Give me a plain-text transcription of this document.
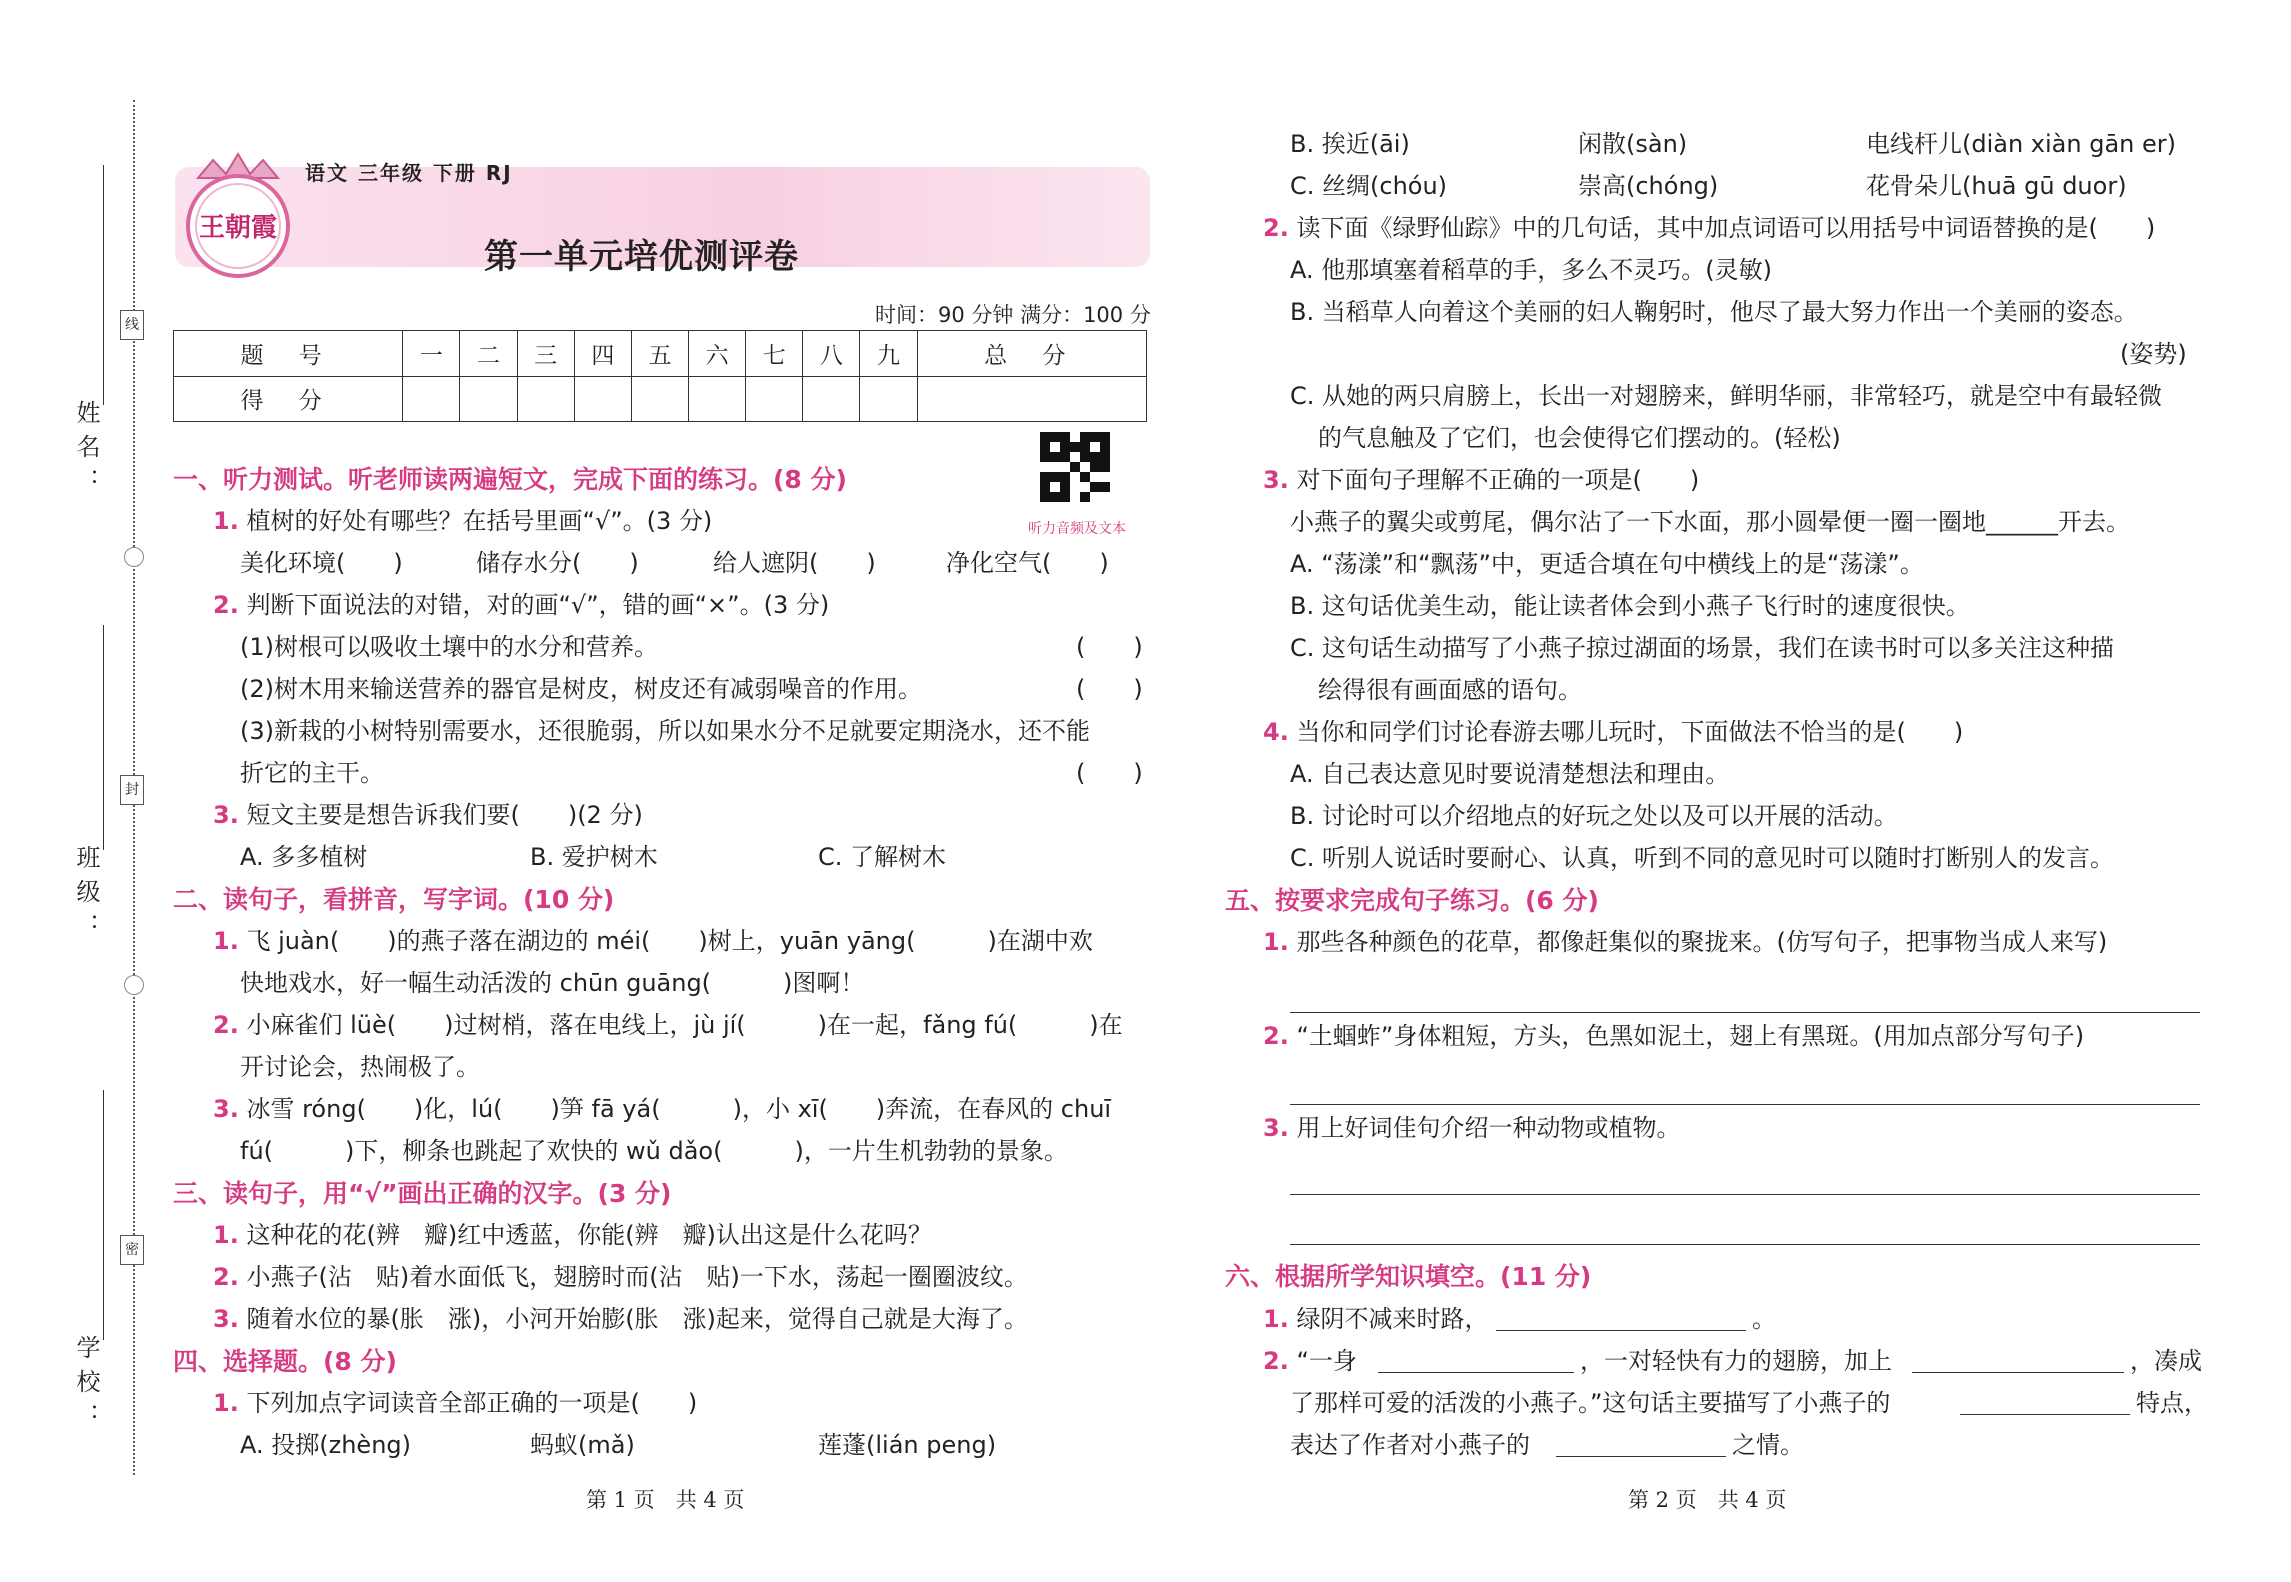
姓名：
班级：
学校：
线
封
密
王朝霞
语文 三年级 下册 RJ
第一单元培优测评卷
时间：90 分钟 满分：100 分
题 号	一	二	三	四	五	六	七	八	九	总 分
得 分										
听力音频及文本
一、听力测试。听老师读两遍短文，完成下面的练习。(8 分)
1. 植树的好处有哪些？在括号里画“√”。(3 分)
美化环境(　　)	储存水分(　　)	给人遮阴(　　)	净化空气(　　)
2. 判断下面说法的对错，对的画“√”，错的画“×”。(3 分)
(1)树根可以吸收土壤中的水分和营养。	(　　)
(2)树木用来输送营养的器官是树皮，树皮还有减弱噪音的作用。	(　　)
(3)新栽的小树特别需要水，还很脆弱，所以如果水分不足就要定期浇水，还不能
折它的主干。	(　　)
3. 短文主要是想告诉我们要(　　)(2 分)
A. 多多植树	B. 爱护树木	C. 了解树木
二、读句子，看拼音，写字词。(10 分)
1. 飞 juàn(　　)的燕子落在湖边的 méi(　　)树上，yuān yāng(　　　)在湖中欢
快地戏水，好一幅生动活泼的 chūn guāng(　　　)图啊！
2. 小麻雀们 lüè(　　)过树梢，落在电线上，jù jí(　　　)在一起，fǎng fú(　　　)在
开讨论会，热闹极了。
3. 冰雪 róng(　　)化，lú(　　)笋 fā yá(　　　)，小 xī(　　)奔流，在春风的 chuī
fú(　　　)下，柳条也跳起了欢快的 wǔ dǎo(　　　)，一片生机勃勃的景象。
三、读句子，用“√”画出正确的汉字。(3 分)
1. 这种花的花(辨　瓣)红中透蓝，你能(辨　瓣)认出这是什么花吗？
2. 小燕子(沾　贴)着水面低飞，翅膀时而(沾　贴)一下水，荡起一圈圈波纹。
3. 随着水位的暴(胀　涨)，小河开始膨(胀　涨)起来，觉得自己就是大海了。
四、选择题。(8 分)
1. 下列加点字词读音全部正确的一项是(　　)
A. 投掷(zhèng)	蚂蚁(mǎ)	莲蓬(lián peng)
第 1 页　共 4 页
B. 挨近(āi)	闲散(sàn)	电线杆儿(diàn xiàn gān er)
C. 丝绸(chóu)	崇高(chóng)	花骨朵儿(huā gū duor)
2. 读下面《绿野仙踪》中的几句话，其中加点词语可以用括号中词语替换的是(　　)
A. 他那填塞着稻草的手，多么不灵巧。(灵敏)
B. 当稻草人向着这个美丽的妇人鞠躬时，他尽了最大努力作出一个美丽的姿态。
(姿势)
C. 从她的两只肩膀上，长出一对翅膀来，鲜明华丽，非常轻巧，就是空中有最轻微
的气息触及了它们，也会使得它们摆动的。(轻松)
3. 对下面句子理解不正确的一项是(　　)
小燕子的翼尖或剪尾，偶尔沾了一下水面，那小圆晕便一圈一圈地______开去。
A. “荡漾”和“飘荡”中，更适合填在句中横线上的是“荡漾”。
B. 这句话优美生动，能让读者体会到小燕子飞行时的速度很快。
C. 这句话生动描写了小燕子掠过湖面的场景，我们在读书时可以多关注这种描
绘得很有画面感的语句。
4. 当你和同学们讨论春游去哪儿玩时，下面做法不恰当的是(　　)
A. 自己表达意见时要说清楚想法和理由。
B. 讨论时可以介绍地点的好玩之处以及可以开展的活动。
C. 听别人说话时要耐心、认真，听到不同的意见时可以随时打断别人的发言。
五、按要求完成句子练习。(6 分)
1. 那些各种颜色的花草，都像赶集似的聚拢来。(仿写句子，把事物当成人来写)
2. “土蝈蚱”身体粗短，方头，色黑如泥土，翅上有黑斑。(用加点部分写句子)
3. 用上好词佳句介绍一种动物或植物。
六、根据所学知识填空。(11 分)
1. 绿阴不减来时路，	。
2. “一身	，一对轻快有力的翅膀，加上	，凑成
了那样可爱的活泼的小燕子。”这句话主要描写了小燕子的	特点，
表达了作者对小燕子的	之情。
第 2 页　共 4 页
